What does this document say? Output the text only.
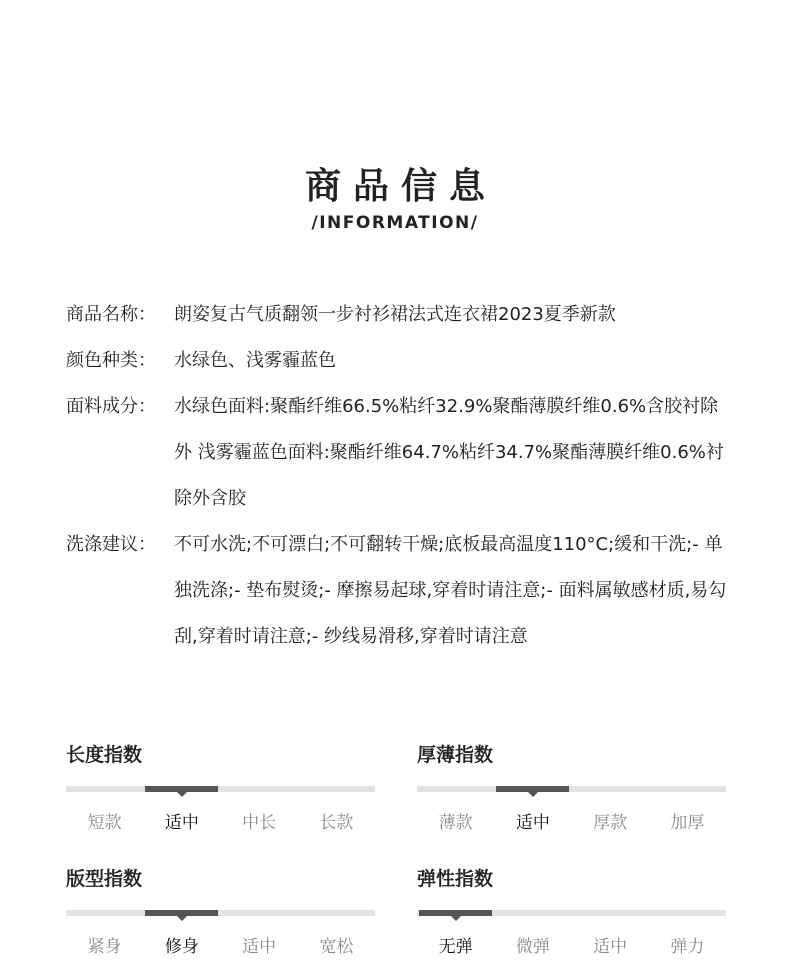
商品信息
/INFORMATION/
商品名称：	朗姿复古气质翻领一步衬衫裙法式连衣裙2023夏季新款
颜色种类：	水绿色、浅雾霾蓝色
面料成分：	水绿色面料:聚酯纤维66.5%粘纤32.9%聚酯薄膜纤维0.6%含胶衬除外 浅雾霾蓝色面料:聚酯纤维64.7%粘纤34.7%聚酯薄膜纤维0.6%衬除外含胶
洗涤建议：	不可水洗;不可漂白;不可翻转干燥;底板最高温度110°C;缓和干洗;- 单独洗涤;- 垫布熨烫;- 摩擦易起球,穿着时请注意;- 面料属敏感材质,易勾刮,穿着时请注意;- 纱线易滑移,穿着时请注意
长度指数
短款	适中	中长	长款
厚薄指数
薄款	适中	厚款	加厚
版型指数
紧身	修身	适中	宽松
弹性指数
无弹	微弹	适中	弹力
